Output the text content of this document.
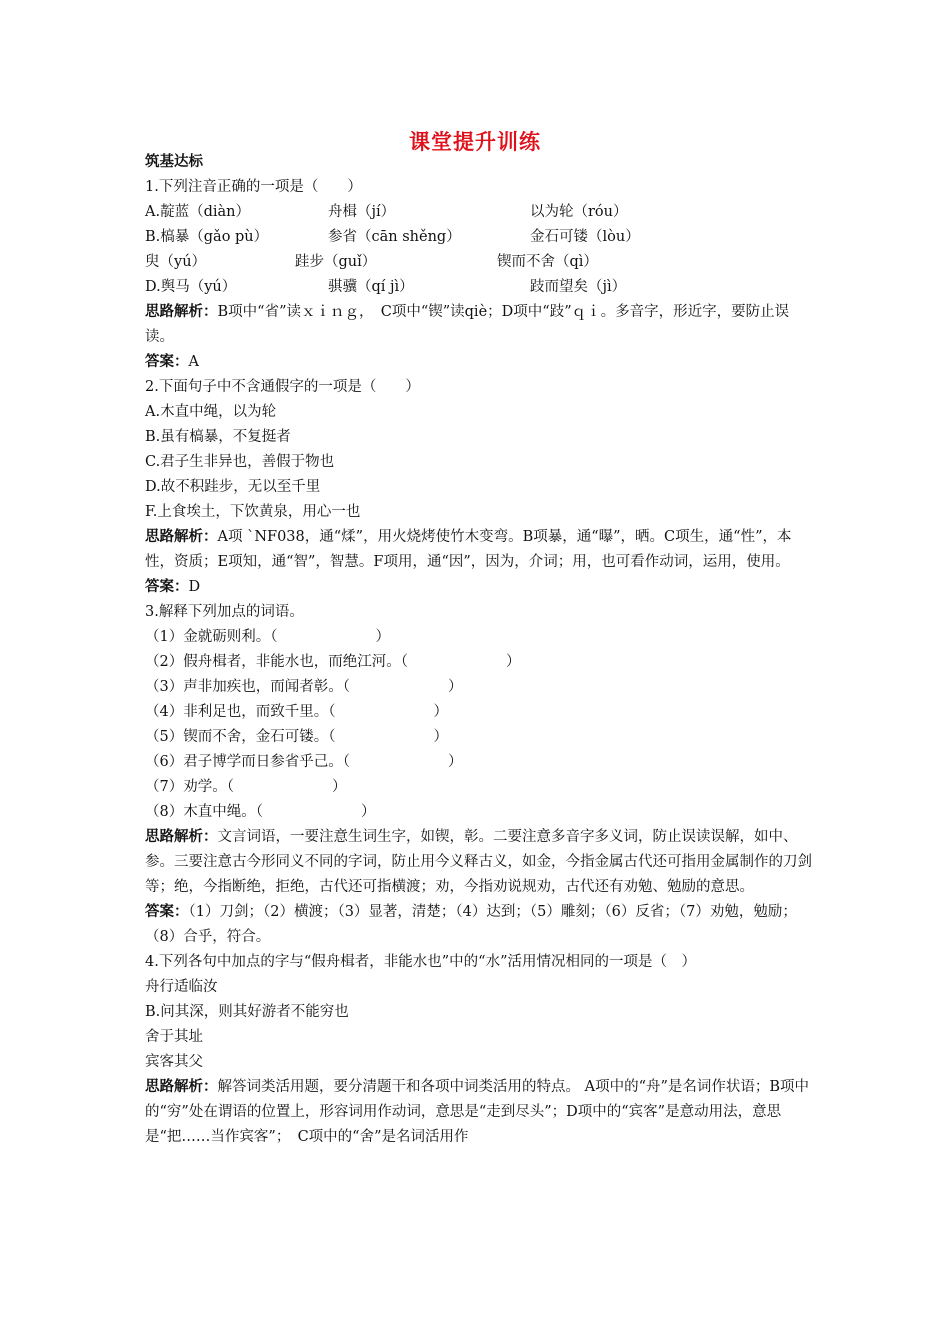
课堂提升训练
筑基达标
1.下列注音正确的一项是（　　）
A.靛蓝（diàn）	舟楫（jí）	以为轮（róu）
B.槁暴（gǎo pù）	参省（cān shěng）	金石可镂（lòu）
臾（yú）	跬步（guǐ）	锲而不舍（qì）
D.舆马（yú）	骐骥（qí jì）	跂而望矣（jì）
思路解析：B项中“省”读ｘｉｎｇ，　C项中“锲”读qiè；D项中“跂”ｑｉ。多音字，形近字，要防止误读。
答案：A
2.下面句子中不含通假字的一项是（　　）
A.木直中绳，以为轮
B.虽有槁暴，不复挺者
C.君子生非异也，善假于物也
D.故不积跬步，无以至千里
F.上食埃土，下饮黄泉，用心一也
思路解析：A项 `NF038，通“煣”，用火烧烤使竹木变弯。B项暴，通“曝”，晒。C项生，通“性”，本性，资质；E项知，通“智”，智慧。F项用，通“因”，因为，介词；用，也可看作动词，运用，使用。
答案：D
3.解释下列加点的词语。
（1）金就砺则利。（	）
（2）假舟楫者，非能水也，而绝江河。（	）
（3）声非加疾也，而闻者彰。（	）
（4）非利足也，而致千里。（	）
（5）锲而不舍，金石可镂。（	）
（6）君子博学而日参省乎己。（	）
（7）劝学。（	）
（8）木直中绳。（	）
思路解析：文言词语，一要注意生词生字，如锲，彰。二要注意多音字多义词，防止误读误解，如中、参。三要注意古今形同义不同的字词，防止用今义释古义，如金，今指金属古代还可指用金属制作的刀剑等；绝，今指断绝，拒绝，古代还可指横渡；劝，今指劝说规劝，古代还有劝勉、勉励的意思。
答案：（1）刀剑；（2）横渡；（3）显著，清楚；（4）达到；（5）雕刻；（6）反省；（7）劝勉，勉励；（8）合乎，符合。
4.下列各句中加点的字与“假舟楫者，非能水也”中的“水”活用情况相同的一项是（　）
舟行适临汝
B.问其深，则其好游者不能穷也
舍于其址
宾客其父
思路解析：解答词类活用题，要分清题干和各项中词类活用的特点。 A项中的“舟”是名词作状语；B项中的“穷”处在谓语的位置上，形容词用作动词，意思是“走到尽头”；D项中的“宾客”是意动用法，意思是“把……当作宾客”；　C项中的“舍”是名词活用作
